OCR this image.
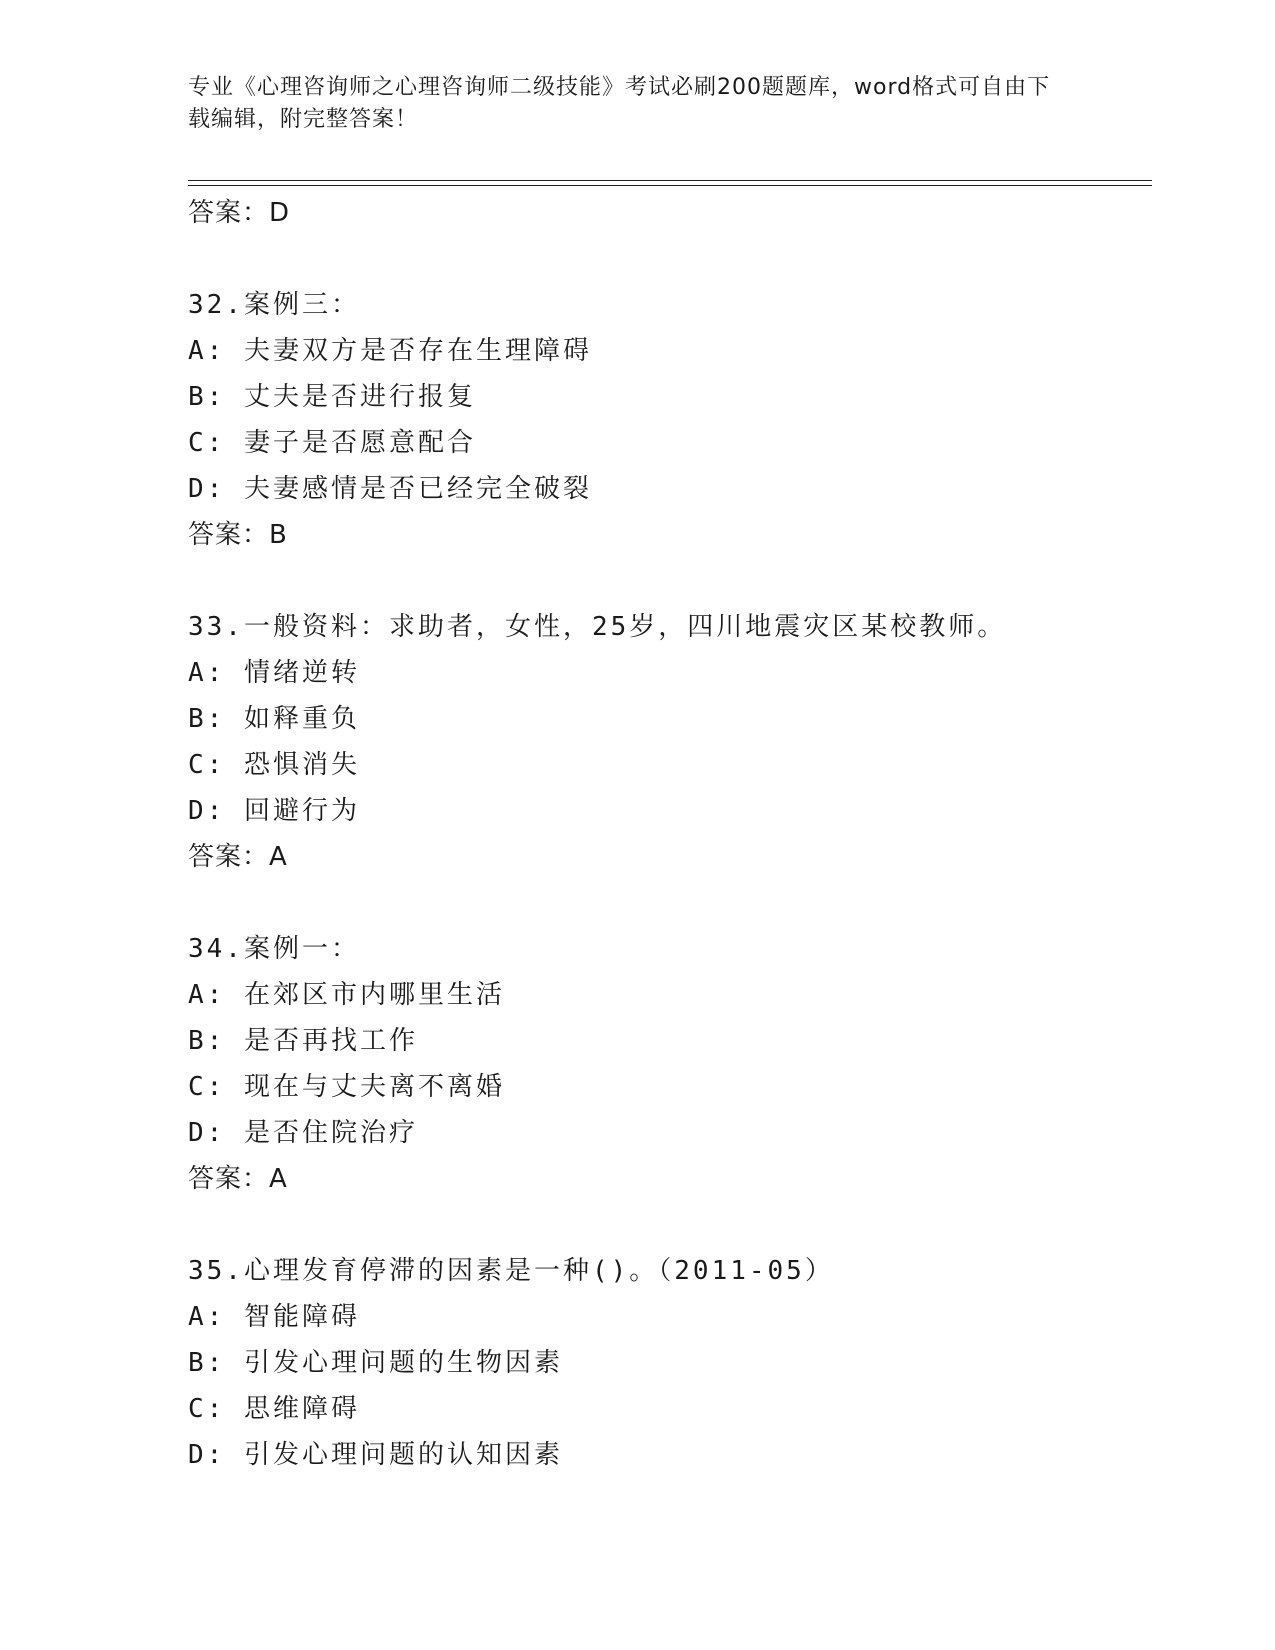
专业《心理咨询师之心理咨询师二级技能》考试必刷200题题库，word格式可自由下载编辑，附完整答案！
答案：D
32.案例三：
A: 夫妻双方是否存在生理障碍
B: 丈夫是否进行报复
C: 妻子是否愿意配合
D: 夫妻感情是否已经完全破裂
答案：B
33.一般资料：求助者，女性，25岁，四川地震灾区某校教师。
A: 情绪逆转
B: 如释重负
C: 恐惧消失
D: 回避行为
答案：A
34.案例一：
A: 在郊区市内哪里生活
B: 是否再找工作
C: 现在与丈夫离不离婚
D: 是否住院治疗
答案：A
35.心理发育停滞的因素是一种()。（2011-05）
A: 智能障碍
B: 引发心理问题的生物因素
C: 思维障碍
D: 引发心理问题的认知因素
